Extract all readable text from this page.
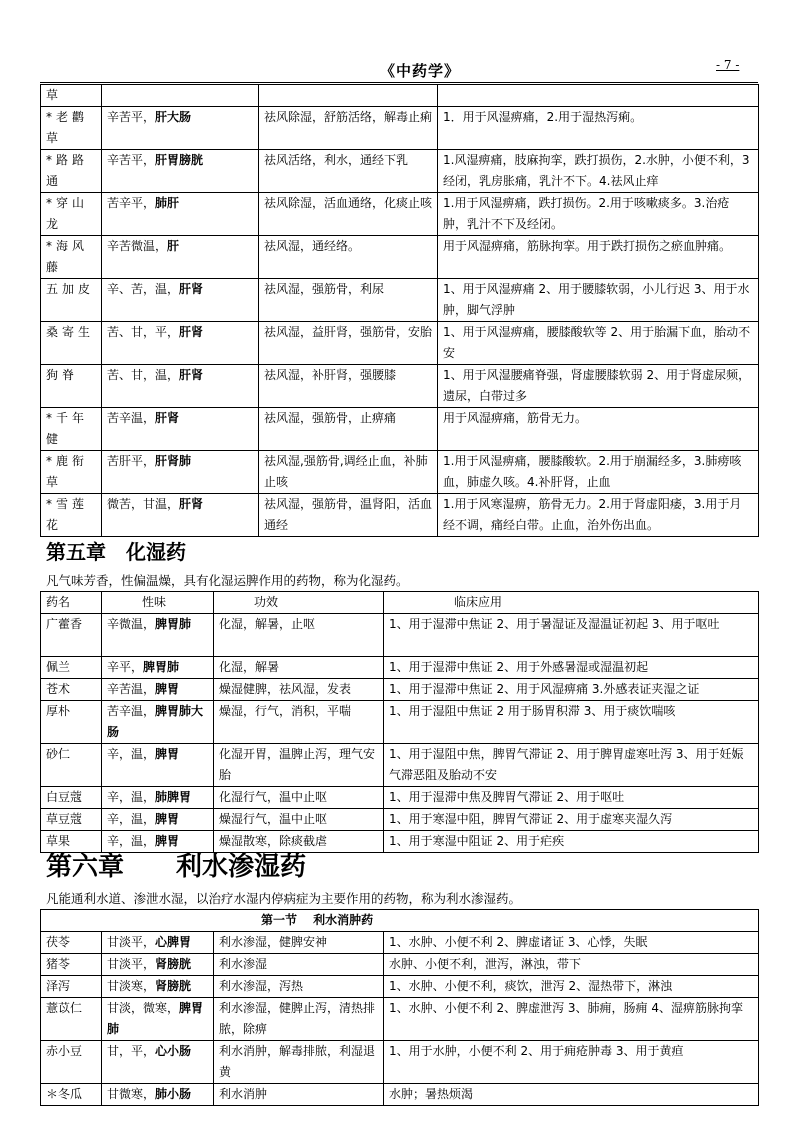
《中药学》	- 7 -
草			
*老鹳草	辛苦平，肝大肠	祛风除湿，舒筋活络，解毒止痢	1．用于风湿痹痛，2.用于湿热泻痢。
*路路通	辛苦平，肝胃膀胱	祛风活络，利水，通经下乳	1.风湿痹痛，肢麻拘挛，跌打损伤，2.水肿，小便不利，3 经闭，乳房胀痛，乳汁不下。4.祛风止痒
*穿山龙	苦辛平，肺肝	祛风除湿，活血通络，化痰止咳	1.用于风湿痹痛，跌打损伤。2.用于咳嗽痰多。3.治疮肿，乳汁不下及经闭。
*海风藤	辛苦微温，肝	祛风湿，通经络。	用于风湿痹痛，筋脉拘挛。用于跌打损伤之瘀血肿痛。
五加皮	辛、苦，温，肝肾	祛风湿，强筋骨，利尿	1、用于风湿痹痛 2、用于腰膝软弱，小儿行迟 3、用于水肿，脚气浮肿
桑寄生	苦、甘，平，肝肾	祛风湿，益肝肾，强筋骨，安胎	1、用于风湿痹痛，腰膝酸软等 2、用于胎漏下血，胎动不安
狗脊	苦、甘，温，肝肾	祛风湿，补肝肾，强腰膝	1、用于风湿腰痛脊强，肾虚腰膝软弱 2、用于肾虚尿频，遗尿，白带过多
*千年健	苦辛温，肝肾	祛风湿，强筋骨，止痹痛	用于风湿痹痛，筋骨无力。
*鹿衔草	苦肝平，肝肾肺	祛风湿,强筋骨,调经止血，补肺止咳	1.用于风湿痹痛，腰膝酸软。2.用于崩漏经多，3.肺痨咳血，肺虚久咳。4.补肝肾，止血
*雪莲花	微苦，甘温，肝肾	祛风湿，强筋骨，温肾阳，活血通经	1.用于风寒湿痹，筋骨无力。2.用于肾虚阳痿，3.用于月经不调，痛经白带。止血，治外伤出血。
第五章　化湿药
凡气味芳香，性偏温燥，具有化湿运脾作用的药物，称为化湿药。
药名	性味	功效	临床应用
广藿香	辛微温，脾胃肺	化湿，解暑，止呕	1、用于湿滞中焦证 2、用于暑湿证及湿温证初起 3、用于呕吐
佩兰	辛平，脾胃肺	化湿，解暑	1、用于湿滞中焦证 2、用于外感暑湿或湿温初起
苍术	辛苦温，脾胃	燥湿健脾，祛风湿，发表	1、用于湿滞中焦证 2、用于风湿痹痛 3.外感表证夹湿之证
厚朴	苦辛温，脾胃肺大肠	燥湿，行气，消积，平喘	1、用于湿阻中焦证 2 用于肠胃积滞 3、用于痰饮喘咳
砂仁	辛，温，脾胃	化湿开胃，温脾止泻，理气安胎	1、用于湿阻中焦，脾胃气滞证 2、用于脾胃虚寒吐泻 3、用于妊娠气滞恶阻及胎动不安
白豆蔻	辛，温，肺脾胃	化湿行气，温中止呕	1、用于湿滞中焦及脾胃气滞证 2、用于呕吐
草豆蔻	辛，温，脾胃	燥湿行气，温中止呕	1、用于寒湿中阻，脾胃气滞证 2、用于虚寒夹湿久泻
草果	辛，温，脾胃	燥湿散寒，除痰截虐	1、用于寒湿中阻证 2、用于疟疾
第六章　　利水渗湿药
凡能通利水道、渗泄水湿，以治疗水湿内停病症为主要作用的药物，称为利水渗湿药。
第一节　 利水消肿药			
茯苓	甘淡平，心脾胃	利水渗湿，健脾安神	1、水肿、小便不利 2、脾虚诸证 3、心悸，失眠
猪苓	甘淡平，肾膀胱	利水渗湿	水肿、小便不利，泄泻，淋浊，带下
泽泻	甘淡寒，肾膀胱	利水渗湿，泻热	1、水肿、小便不利，痰饮，泄泻 2、湿热带下，淋浊
薏苡仁	甘淡，微寒，脾胃肺	利水渗湿，健脾止泻，清热排脓，除痹	1、水肿、小便不利 2、脾虚泄泻 3、肺痈，肠痈 4、湿痹筋脉拘挛
赤小豆	甘，平，心小肠	利水消肿，解毒排脓，利湿退黄	1、用于水肿，小便不利 2、用于痈疮肿毒 3、用于黄疸
＊冬瓜	甘微寒，肺小肠	利水消肿	水肿；暑热烦渴
